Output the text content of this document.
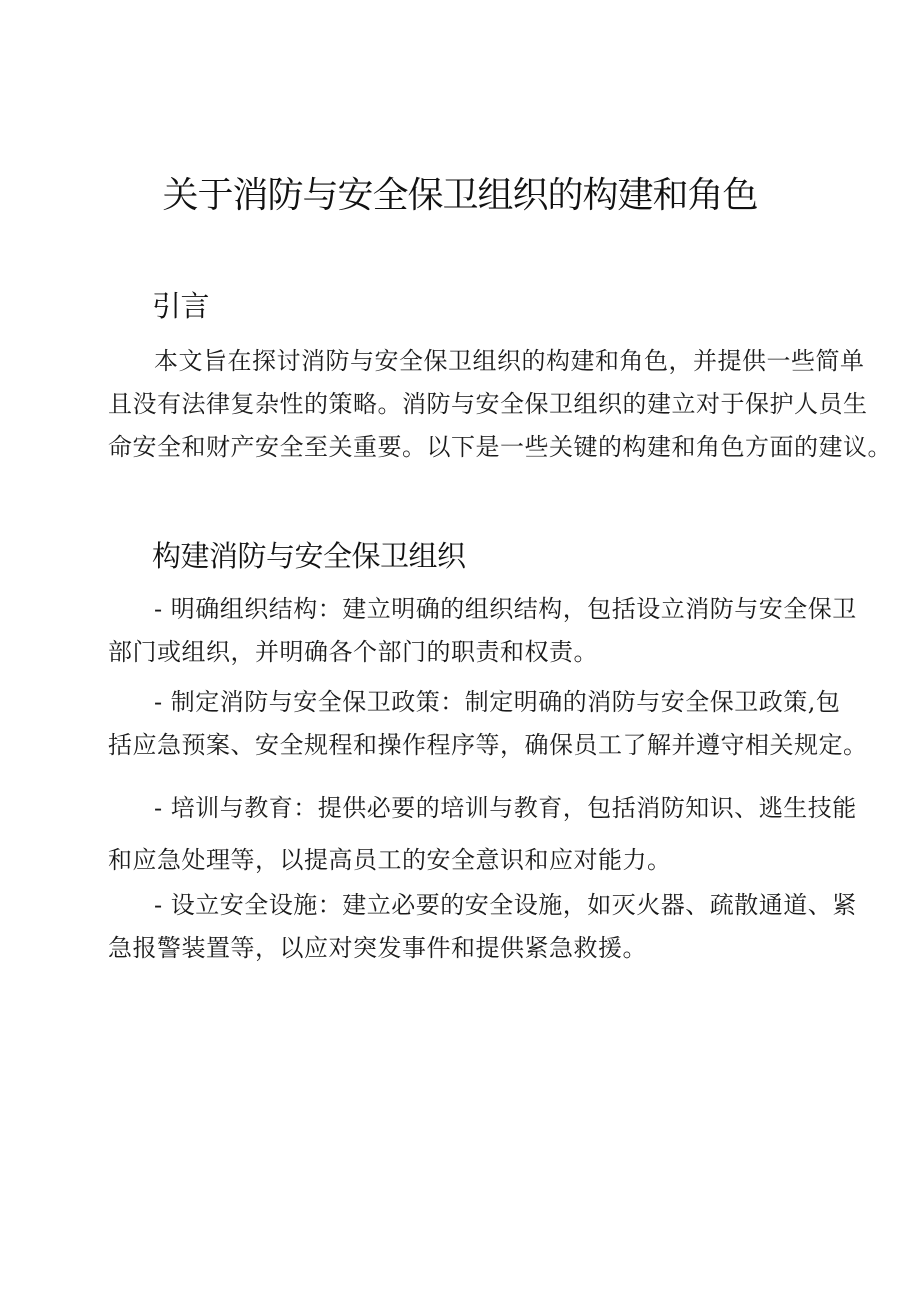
关于消防与安全保卫组织的构建和角色
引言
本文旨在探讨消防与安全保卫组织的构建和角色，并提供一些简单
且没有法律复杂性的策略。消防与安全保卫组织的建立对于保护人员生
命安全和财产安全至关重要。以下是一些关键的构建和角色方面的建议。
构建消防与安全保卫组织
- 明确组织结构：建立明确的组织结构，包括设立消防与安全保卫
部门或组织，并明确各个部门的职责和权责。
- 制定消防与安全保卫政策：制定明确的消防与安全保卫政策,包
括应急预案、安全规程和操作程序等，确保员工了解并遵守相关规定。
- 培训与教育：提供必要的培训与教育，包括消防知识、逃生技能
和应急处理等，以提高员工的安全意识和应对能力。
- 设立安全设施：建立必要的安全设施，如灭火器、疏散通道、紧
急报警装置等，以应对突发事件和提供紧急救援。
